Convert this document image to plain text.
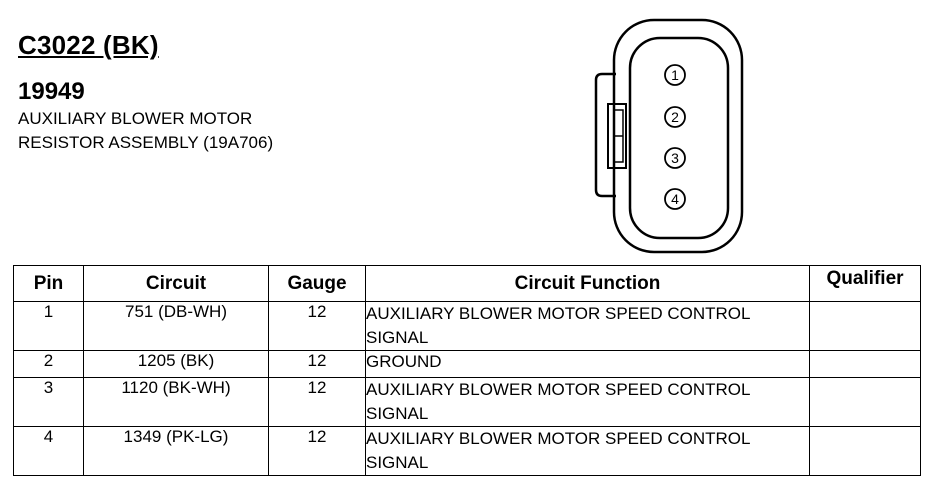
C3022 (BK)
19949

AUXILIARY BLOWER MOTOR

RESISTOR ASSEMBLY (19A706)

1
2
3
4
Pin	Circuit	Gauge	Circuit Function	Qualifier
1	751 (DB-WH)	12	AUXILIARY BLOWER MOTOR SPEED CONTROL
SIGNAL	
2	1205 (BK)	12	GROUND	
3	1120 (BK-WH)	12	AUXILIARY BLOWER MOTOR SPEED CONTROL
SIGNAL	
4	1349 (PK-LG)	12	AUXILIARY BLOWER MOTOR SPEED CONTROL
SIGNAL	
